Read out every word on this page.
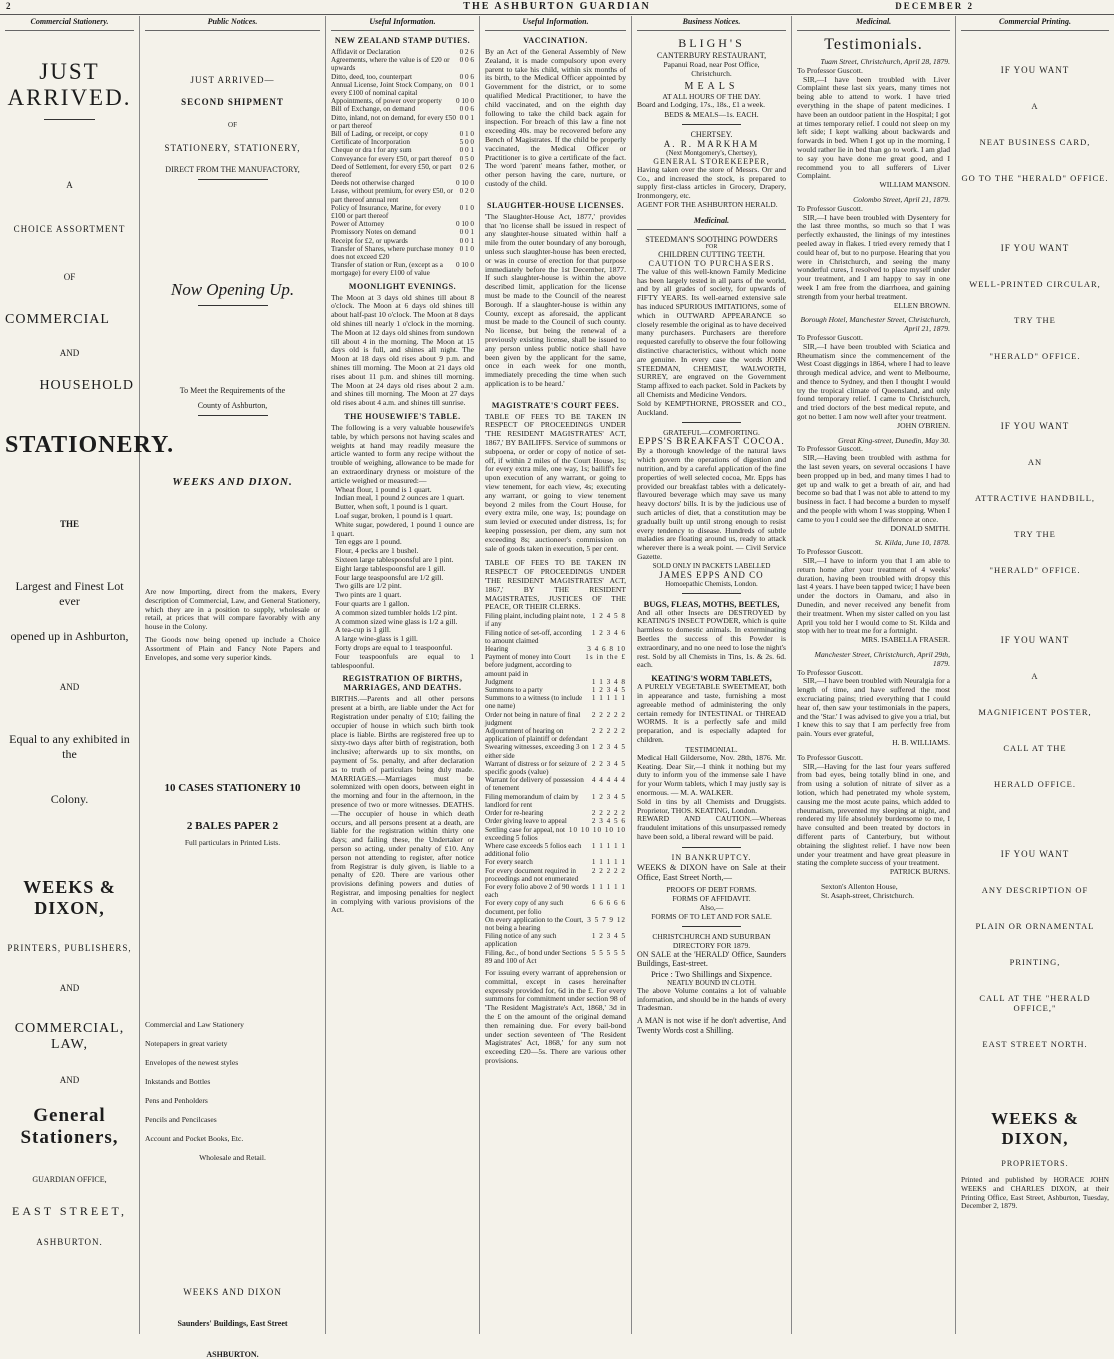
2	THE ASHBURTON GUARDIAN	DECEMBER 2
Commercial Stationery.
JUST ARRIVED.
A
CHOICE ASSORTMENT
OF
COMMERCIAL
AND
HOUSEHOLD
STATIONERY.
THE
Largest and Finest Lot ever
opened up in Ashburton,
AND
Equal to any exhibited in the
Colony.
WEEKS & DIXON,
PRINTERS, PUBLISHERS,
AND
COMMERCIAL, LAW,
AND
General Stationers,
GUARDIAN OFFICE,
EAST STREET,
ASHBURTON.
Public Notices.
JUST ARRIVED—
SECOND SHIPMENT
OF
STATIONERY, STATIONERY,
DIRECT FROM THE MANUFACTORY,
Now Opening Up.
To Meet the Requirements of the
County of Ashburton,
WEEKS AND DIXON.
Are now Importing, direct from the makers, Every description of Commercial, Law, and General Stationery, which they are in a position to supply, wholesale or retail, at prices that will compare favorably with any house in the Colony.
The Goods now being opened up include a Choice Assortment of Plain and Fancy Note Papers and Envelopes, and some very superior kinds.
10 CASES STATIONERY 10
2 BALES PAPER 2
Full particulars in Printed Lists.
Commercial and Law Stationery
Notepapers in great variety
Envelopes of the newest styles
Inkstands and Bottles
Pens and Penholders
Pencils and Pencilcases
Account and Pocket Books, Etc.
Wholesale and Retail.
WEEKS AND DIXON
Saunders' Buildings, East Street
ASHBURTON.
Useful Information.
NEW ZEALAND STAMP DUTIES.
Affidavit or Declaration	0 2 6
Agreements, where the value is of £20 or upwards
0 0 6
Ditto, deed, too, counterpart	0 0 6
Annual License, Joint Stock Company, on every £100 of nominal capital
0 0 1
Appointments, of power over property	0 10 0
Bill of Exchange, on demand	0 0 6
Ditto, inland, not on demand, for every £50 or part thereof
0 0 1
Bill of Lading, or receipt, or copy	0 1 0
Certificate of Incorporation	5 0 0
Cheque or dra t for any sum	0 0 1
Conveyance for every £50, or part thereof	0 5 0
Deed of Settlement, for every £50, or part thereof
0 2 6
Deeds not otherwise charged	0 10 0
Lease, without premium, for every £50, or part thereof annual rent
0 2 0
Policy of Insurance, Marine, for every £100 or part thereof
0 1 0
Power of Attorney	0 10 0
Promissory Notes on demand	0 0 1
Receipt for £2, or upwards	0 0 1
Transfer of Shares, where purchase money does not exceed £20
0 1 0
Transfer of station or Run, (except as a mortgage) for every £100 of value
0 10 0
MOONLIGHT EVENINGS.
The Moon at 3 days old shines till about 8 o'clock. The Moon at 6 days old shines till about half-past 10 o'clock. The Moon at 8 days old shines till nearly 1 o'clock in the morning. The Moon at 12 days old shines from sundown till about 4 in the morning. The Moon at 15 days old is full, and shines all night. The Moon at 18 days old rises about 9 p.m. and shines till morning. The Moon at 21 days old rises about 11 p.m. and shines till morning. The Moon at 24 days old rises about 2 a.m. and shines till morning. The Moon at 27 days old rises about 4 a.m. and shines till sunrise.
THE HOUSEWIFE'S TABLE.
The following is a very valuable housewife's table, by which persons not having scales and weights at hand may readily measure the article wanted to form any recipe without the trouble of weighing, allowance to be made for an extraordinary dryness or moisture of the article weighed or measured:—
Wheat flour, 1 pound is 1 quart.
Indian meal, 1 pound 2 ounces are 1 quart.
Butter, when soft, 1 pound is 1 quart.
Loaf sugar, broken, 1 pound is 1 quart.
White sugar, powdered, 1 pound 1 ounce are 1 quart.
Ten eggs are 1 pound.
Flour, 4 pecks are 1 bushel.
Sixteen large tablespoonsful are 1 pint.
Eight large tablespoonsful are 1 gill.
Four large teaspoonsful are 1/2 gill.
Two gills are 1/2 pint.
Two pints are 1 quart.
Four quarts are 1 gallon.
A common sized tumbler holds 1/2 pint.
A common sized wine glass is 1/2 a gill.
A tea-cup is 1 gill.
A large wine-glass is 1 gill.
Forty drops are equal to 1 teaspoonful.
Four teaspoonfuls are equal to 1 tablespoonful.
REGISTRATION OF BIRTHS, MARRIAGES, AND DEATHS.
BIRTHS.—Parents and all other persons present at a birth, are liable under the Act for Registration under penalty of £10; failing the occupier of house in which such birth took place is liable. Births are registered free up to sixty-two days after birth of registration, both inclusive; afterwards up to six months, on payment of 5s. penalty, and after declaration as to truth of particulars being duly made. MARRIAGES.—Marriages must be solemnized with open doors, between eight in the morning and four in the afternoon, in the presence of two or more witnesses. DEATHS.—The occupier of house in which death occurs, and all persons present at a death, are liable for the registration within thirty one days; and failing these, the Undertaker or person so acting, under penalty of £10. Any person not attending to register, after notice from Registrar is duly given, is liable to a penalty of £20. There are various other provisions defining powers and duties of Registrar, and imposing penalties for neglect in complying with various provisions of the Act.
Useful Information.
VACCINATION.
By an Act of the General Assembly of New Zealand, it is made compulsory upon every parent to take his child, within six months of its birth, to the Medical Officer appointed by Government for the district, or to some qualified Medical Practitioner, to have the child vaccinated, and on the eighth day following to take the child back again for inspection. For breach of this law a fine not exceeding 40s. may be recovered before any Bench of Magistrates. If the child be properly vaccinated, the Medical Officer or Practitioner is to give a certificate of the fact. The word 'parent' means father, mother, or other person having the care, nurture, or custody of the child.
SLAUGHTER-HOUSE LICENSES.
'The Slaughter-House Act, 1877,' provides that 'no license shall be issued in respect of any slaughter-house situated within half a mile from the outer boundary of any borough, unless such slaughter-house has been erected, or was in course of erection for that purpose immediately before the 1st December, 1877. If such slaughter-house is within the above described limit, application for the license must be made to the Council of the nearest Borough. If a slaughter-house is within any County, except as aforesaid, the applicant must be made to the Council of such county. No license, but being the renewal of a previously existing license, shall be issued to any person unless public notice shall have been given by the applicant for the same, once in each week for one month, immediately preceding the time when such application is to be heard.'
MAGISTRATE'S COURT FEES.
TABLE OF FEES TO BE TAKEN IN RESPECT OF PROCEEDINGS UNDER 'THE RESIDENT MAGISTRATES' ACT, 1867,' BY BAILIFFS. Service of summons or subpoena, or order or copy of notice of set-off, if within 2 miles of the Court House, 1s; for every extra mile, one way, 1s; bailiff's fee upon execution of any warrant, or going to view tenement, for each view, 4s; executing any warrant, or going to view tenement beyond 2 miles from the Court House, for every extra mile, one way, 1s; poundage on sum levied or executed under distress, 1s; for keeping possession, per diem, any sum not exceeding 8s; auctioneer's commission on sale of goods taken in execution, 5 per cent.
TABLE OF FEES TO BE TAKEN IN RESPECT OF PROCEEDINGS UNDER 'THE RESIDENT MAGISTRATES' ACT, 1867,' BY THE RESIDENT MAGISTRATES, JUSTICES OF THE PEACE, OR THEIR CLERKS.
Filing plaint, including plaint note, if any
1 2 4 5 8
Filing notice of set-off, according to amount claimed
1 2 3 4 6
Hearing	3 4 6 8 10
Payment of money into Court before judgment, according to amount paid in
1s in the £
Judgment	1 1 3 4 8
Summons to a party	1 2 3 4 5
Summons to a witness (to include one name)
1 1 1 1 1
Order not being in nature of final judgment
2 2 2 2 2
Adjournment of hearing on application of plaintiff or defendant
2 2 2 2 2
Swearing witnesses, exceeding 3 on either side
1 2 3 4 5
Warrant of distress or for seizure of specific goods (value)
2 2 3 4 5
Warrant for delivery of possession of tenement
4 4 4 4 4
Filing memorandum of claim by landlord for rent
1 2 3 4 5
Order for re-hearing	2 2 2 2 2
Order giving leave to appeal	2 3 4 5 6
Settling case for appeal, not exceeding 5 folios
10 10 10 10 10
Where case exceeds 5 folios each additional folio
1 1 1 1 1
For every search	1 1 1 1 1
For every document required in proceedings and not enumerated
2 2 2 2 2
For every folio above 2 of 90 words each
1 1 1 1 1
For every copy of any such document, per folio
6 6 6 6 6
On every application to the Court, not being a hearing
3 5 7 9 12
Filing notice of any such application
1 2 3 4 5
Filing, &c., of bond under Sections 89 and 100 of Act
5 5 5 5 5
For issuing every warrant of apprehension or committal, except in cases hereinafter expressly provided for, 6d in the £. For every summons for commitment under section 98 of 'The Resident Magistrate's Act, 1868,' 3d in the £ on the amount of the original demand then remaining due. For every bail-bond under section seventeen of 'The Resident Magistrates' Act, 1868,' for any sum not exceeding £20—5s. There are various other provisions.
Business Notices.
BLIGH'S
CANTERBURY RESTAURANT,
Papanui Road, near Post Office,
Christchurch.
MEALS
AT ALL HOURS OF THE DAY.
Board and Lodging, 17s., 18s., £1 a week.
BEDS & MEALS—1s. EACH.
CHERTSEY.
A. R. MARKHAM
(Next Montgomery's, Chertsey),
GENERAL STOREKEEPER,
Having taken over the store of Messrs. Orr and Co., and increased the stock, is prepared to supply first-class articles in Grocery, Drapery, Ironmongery, etc.
AGENT FOR THE ASHBURTON HERALD.
Medicinal.
STEEDMAN'S SOOTHING POWDERS
FOR
CHILDREN CUTTING TEETH.
CAUTION TO PURCHASERS.
The value of this well-known Family Medicine has been largely tested in all parts of the world, and by all grades of society, for upwards of FIFTY YEARS. Its well-earned extensive sale has induced SPURIOUS IMITATIONS, some of which in OUTWARD APPEARANCE so closely resemble the original as to have deceived many purchasers. Purchasers are therefore requested carefully to observe the four following distinctive characteristics, without which none are genuine. In every case the words JOHN STEEDMAN, CHEMIST, WALWORTH, SURREY, are engraved on the Government Stamp affixed to each packet. Sold in Packets by all Chemists and Medicine Vendors.
Sold by KEMPTHORNE, PROSSER and CO., Auckland.
GRATEFUL—COMFORTING.
EPPS'S BREAKFAST COCOA.
By a thorough knowledge of the natural laws which govern the operations of digestion and nutrition, and by a careful application of the fine properties of well selected cocoa, Mr. Epps has provided our breakfast tables with a delicately-flavoured beverage which may save us many heavy doctors' bills. It is by the judicious use of such articles of diet, that a constitution may be gradually built up until strong enough to resist every tendency to disease. Hundreds of subtle maladies are floating around us, ready to attack wherever there is a weak point. — Civil Service Gazette.
SOLD ONLY IN PACKETS LABELLED
JAMES EPPS AND CO
Homoepathic Chemists, London.
BUGS, FLEAS, MOTHS, BEETLES,
And all other Insects are DESTROYED by KEATING'S INSECT POWDER, which is quite harmless to domestic animals. In exterminating Beetles the success of this Powder is extraordinary, and no one need to lose the night's rest. Sold by all Chemists in Tins, 1s. & 2s. 6d. each.
KEATING'S WORM TABLETS,
A PURELY VEGETABLE SWEETMEAT, both in appearance and taste, furnishing a most agreeable method of administering the only certain remedy for INTESTINAL or THREAD WORMS. It is a perfectly safe and mild preparation, and is especially adapted for children.
TESTIMONIAL.
Medical Hall Gildersome, Nov. 28th, 1876. Mr. Keating. Dear Sir,—I think it nothing but my duty to inform you of the immense sale I have for your Worm tablets, which I may justly say is enormous. — M. A. WALKER.
Sold in tins by all Chemists and Druggists. Proprietor, THOS. KEATING, London.
REWARD AND CAUTION.—Whereas fraudulent imitations of this unsurpassed remedy have been sold, a liberal reward will be paid.
IN BANKRUPTCY.
WEEKS & DIXON have on Sale at their Office, East Street North,—
PROOFS OF DEBT FORMS.
FORMS OF AFFIDAVIT.
Also,—
FORMS OF TO LET AND FOR SALE.
CHRISTCHURCH AND SUBURBAN DIRECTORY FOR 1879.
ON SALE at the 'HERALD' Office, Saunders Buildings, East-street.
Price : Two Shillings and Sixpence.
NEATLY BOUND IN CLOTH.
The above Volume contains a lot of valuable information, and should be in the hands of every Tradesman.
A MAN is not wise if he don't advertise, And Twenty Words cost a Shilling.
Medicinal.
Testimonials.
Tuam Street, Christchurch, April 28, 1879.
To Professor Guscott.
SIR,—I have been troubled with Liver Complaint these last six years, many times not being able to attend to work. I have tried everything in the shape of patent medicines. I have been an outdoor patient in the Hospital; I got at times temporary relief. I could not sleep on my left side; I kept walking about backwards and forwards in bed. When I got up in the morning, I would rather lie in bed than go to work. I am glad to say you have done me great good, and I recommend you to all sufferers of Liver Complaint.
WILLIAM MANSON.
Colombo Street, April 21, 1879.
To Professor Guscott.
SIR,—I have been troubled with Dysentery for the last three months, so much so that I was perfectly exhausted, the linings of my intestines peeled away in flakes. I tried every remedy that I could hear of, but to no purpose. Hearing that you were in Christchurch, and seeing the many wonderful cures, I resolved to place myself under your treatment, and I am happy to say in one week I am free from the diarrhoea, and gaining strength from your herbal treatment.
ELLEN BROWN.
Borough Hotel, Manchester Street, Christchurch, April 21, 1879.
To Professor Guscott.
SIR,—I have been troubled with Sciatica and Rheumatism since the commencement of the West Coast diggings in 1864, where I had to leave through medical advice, and went to Melbourne, and thence to Sydney, and then I thought I would try the tropical climate of Queensland, and only found temporary relief. I came to Christchurch, and tried doctors of the best medical repute, and got no better. I am now well after your treatment.
JOHN O'BRIEN.
Great King-street, Dunedin, May 30.
To Professor Guscott.
SIR,—Having been troubled with asthma for the last seven years, on several occasions I have been propped up in bed, and many times I had to get up and walk to get a breath of air, and had become so bad that I was not able to attend to my business in fact. I had become a burden to myself and the people with whom I was stopping. When I came to you I could see the difference at once.
DONALD SMITH.
St. Kilda, June 10, 1878.
To Professor Guscott.
SIR,—I have to inform you that I am able to return home after your treatment of 4 weeks' duration, having been troubled with dropsy this last 4 years. I have been tapped twice; I have been under the doctors in Oamaru, and also in Dunedin, and never received any benefit from their treatment. When my sister called on you last April you told her I would come to St. Kilda and stop with her to treat me for a fortnight.
MRS. ISABELLA FRASER.
Manchester Street, Christchurch, April 29th, 1879.
To Professor Guscott.
SIR,—I have been troubled with Neuralgia for a length of time, and have suffered the most excruciating pains; tried everything that I could hear of, then saw your testimonials in the papers, and the 'Star.' I was advised to give you a trial, but I knew this to say that I am perfectly free from pain. Yours ever grateful,
H. B. WILLIAMS.
To Professor Guscott.
SIR,—Having for the last four years suffered from bad eyes, being totally blind in one, and from using a solution of nitrate of silver as a lotion, which had penetrated my whole system, causing me the most acute pains, which added to rheumatism, prevented my sleeping at night, and rendered my life absolutely burdensome to me, I have consulted and been treated by doctors in different parts of Canterbury, but without obtaining the slightest relief. I have now been under your treatment and have great pleasure in stating the complete success of your treatment.
PATRICK BURNS.
Sexton's Allenton House,
St. Asaph-street, Christchurch.
Commercial Printing.
IF YOU WANT
A
NEAT BUSINESS CARD,
GO TO THE "HERALD" OFFICE.
IF YOU WANT
WELL-PRINTED CIRCULAR,
TRY THE
"HERALD" OFFICE.
IF YOU WANT
AN
ATTRACTIVE HANDBILL,
TRY THE
"HERALD" OFFICE.
IF YOU WANT
A
MAGNIFICENT POSTER,
CALL AT THE
HERALD OFFICE.
IF YOU WANT
ANY DESCRIPTION OF
PLAIN OR ORNAMENTAL
PRINTING,
CALL AT THE "HERALD OFFICE,"
EAST STREET NORTH.
WEEKS & DIXON,
PROPRIETORS.
Printed and published by HORACE JOHN WEEKS and CHARLES DIXON, at their Printing Office, East Street, Ashburton, Tuesday, December 2, 1879.
